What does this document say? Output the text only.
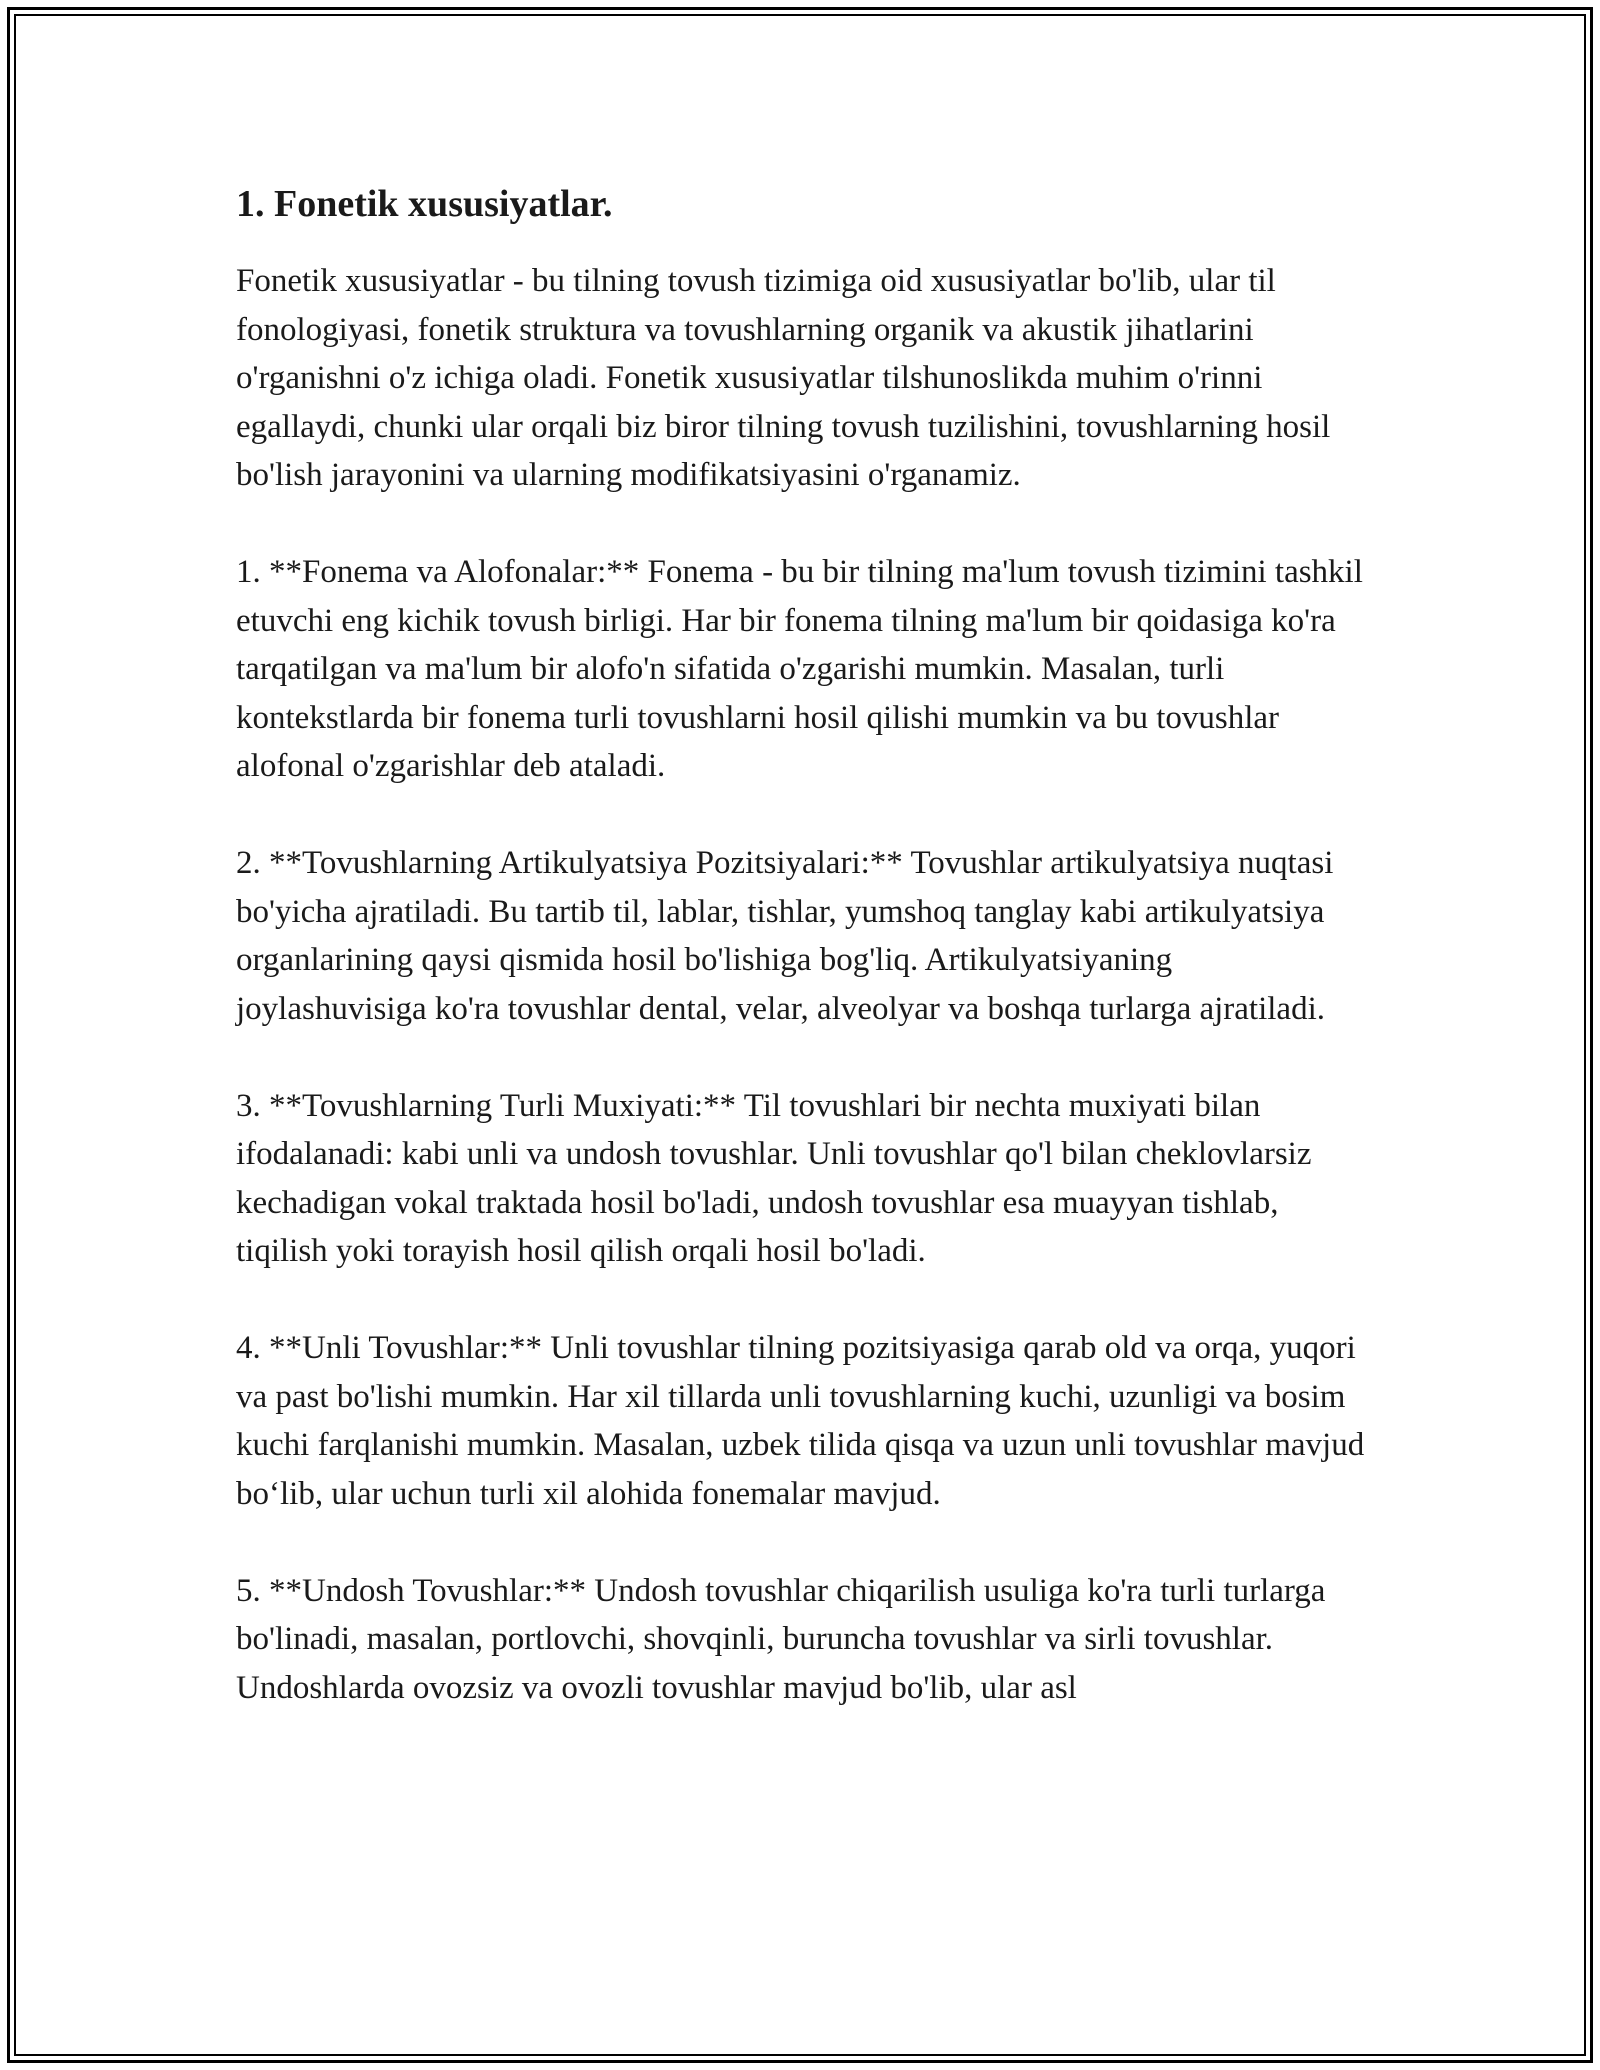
1. Fonetik xususiyatlar.

Fonetik xususiyatlar - bu tilning tovush tizimiga oid xususiyatlar bo'lib, ular til fonologiyasi, fonetik struktura va tovushlarning organik va akustik jihatlarini o'rganishni o'z ichiga oladi. Fonetik xususiyatlar tilshunoslikda muhim o'rinni egallaydi, chunki ular orqali biz biror tilning tovush tuzilishini, tovushlarning hosil bo'lish jarayonini va ularning modifikatsiyasini o'rganamiz.

1. **Fonema va Alofonalar:** Fonema - bu bir tilning ma'lum tovush tizimini tashkil etuvchi eng kichik tovush birligi. Har bir fonema tilning ma'lum bir qoidasiga ko'ra tarqatilgan va ma'lum bir alofo'n sifatida o'zgarishi mumkin. Masalan, turli kontekstlarda bir fonema turli tovushlarni hosil qilishi mumkin va bu tovushlar alofonal o'zgarishlar deb ataladi.

2. **Tovushlarning Artikulyatsiya Pozitsiyalari:** Tovushlar artikulyatsiya nuqtasi bo'yicha ajratiladi. Bu tartib til, lablar, tishlar, yumshoq tanglay kabi artikulyatsiya organlarining qaysi qismida hosil bo'lishiga bog'liq. Artikulyatsiyaning joylashuvisiga ko'ra tovushlar dental, velar, alveolyar va boshqa turlarga ajratiladi.

3. **Tovushlarning Turli Muxiyati:** Til tovushlari bir nechta muxiyati bilan ifodalanadi: kabi unli va undosh tovushlar. Unli tovushlar qo'l bilan cheklovlarsiz kechadigan vokal traktada hosil bo'ladi, undosh tovushlar esa muayyan tishlab, tiqilish yoki torayish hosil qilish orqali hosil bo'ladi.

4. **Unli Tovushlar:** Unli tovushlar tilning pozitsiyasiga qarab old va orqa, yuqori va past bo'lishi mumkin. Har xil tillarda unli tovushlarning kuchi, uzunligi va bosim kuchi farqlanishi mumkin. Masalan, uzbek tilida qisqa va uzun unli tovushlar mavjud bo‘lib, ular uchun turli xil alohida fonemalar mavjud.

5. **Undosh Tovushlar:** Undosh tovushlar chiqarilish usuliga ko'ra turli turlarga bo'linadi, masalan, portlovchi, shovqinli, buruncha tovushlar va sirli tovushlar. Undoshlarda ovozsiz va ovozli tovushlar mavjud bo'lib, ular asl
